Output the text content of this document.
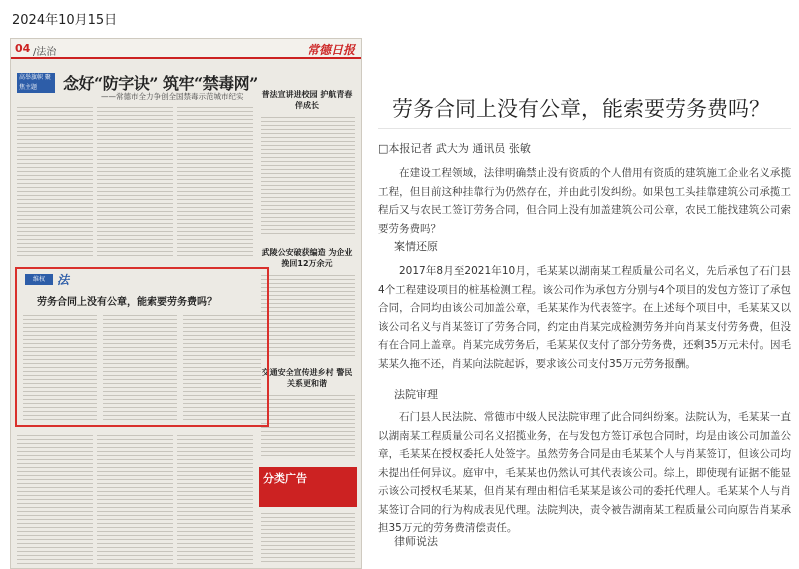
2024年10月15日
04 /法治	常德日报
高举旗帜 聚焦主题	念好“防字诀” 筑牢“禁毒网”
——常德市全力争创全国禁毒示范城市纪实	普法宣讲进校园 护航青春伴成长
武陵公安破获编造 为企业挽回12万余元
交通安全宣传进乡村 警民关系更和谐
维权	法
劳务合同上没有公章，能索要劳务费吗？
分类广告
劳务合同上没有公章，能索要劳务费吗？
□本报记者 武大为 通讯员 张敏
在建设工程领域，法律明确禁止没有资质的个人借用有资质的建筑施工企业名义承揽工程，但目前这种挂靠行为仍然存在，并由此引发纠纷。如果包工头挂靠建筑公司承揽工程后又与农民工签订劳务合同，但合同上没有加盖建筑公司公章，农民工能找建筑公司索要劳务费吗？
案情还原
2017年8月至2021年10月，毛某某以湖南某工程质量公司名义，先后承包了石门县4个工程建设项目的桩基检测工程。该公司作为承包方分别与4个项目的发包方签订了承包合同，合同均由该公司加盖公章，毛某某作为代表签字。在上述每个项目中，毛某某又以该公司名义与肖某签订了劳务合同，约定由肖某完成检测劳务并向肖某支付劳务费，但没有在合同上盖章。肖某完成劳务后，毛某某仅支付了部分劳务费，还剩35万元未付。因毛某某久拖不还，肖某向法院起诉，要求该公司支付35万元劳务报酬。
法院审理
石门县人民法院、常德市中级人民法院审理了此合同纠纷案。法院认为，毛某某一直以湖南某工程质量公司名义招揽业务，在与发包方签订承包合同时，均是由该公司加盖公章，毛某某在授权委托人处签字。虽然劳务合同是由毛某某个人与肖某签订，但该公司均未提出任何异议。庭审中，毛某某也仍然认可其代表该公司。综上，即使现有证据不能显示该公司授权毛某某，但肖某有理由相信毛某某是该公司的委托代理人。毛某某个人与肖某签订合同的行为构成表见代理。法院判决，责令被告湖南某工程质量公司向原告肖某承担35万元的劳务费清偿责任。
律师说法
